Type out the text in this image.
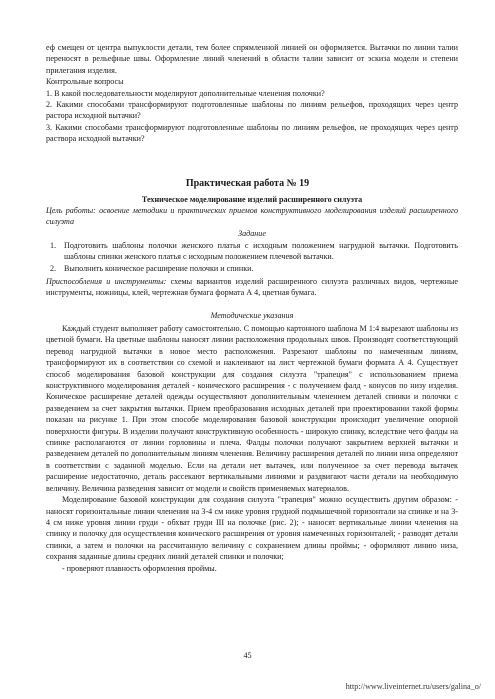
еф смещен от центра выпуклости детали, тем более спрямленной линией он оформляется. Вытачки по линии талии переносят в рельефные швы. Оформление линий членений в области талии зависит от эскиза модели и степени прилегания изделия.

Контрольные вопросы

1. В какой последовательности моделируют дополнительные членения полочки?

2. Какими способами трансформируют подготовленные шаблоны по линиям рельефов, проходящих через центр растора исходной вытачки?

3. Какими способами трансформируют подготовленные шаблоны по линиям рельефов, не проходящих через центр раствора исходной вытачки?

Практическая работа № 19
Техническое моделирование изделий расширенного силуэта
Цель работы: освоение методики и практических приемов конструктивного моделирования изделий расширенного силуэта
Задание
1. Подготовить шаблоны полочки женского платья с исходным положением нагрудной вытачки. Подготовить шаблоны спинки женского платья с исходным положением плечевой вытачки.
2. Выполнить коническое расширение полочки и спинки.
Приспособления и инструменты: схемы вариантов изделий расширенного силуэта различных видов, чертежные инструменты, ножницы, клей, чертежная бумага формата А 4, цветная бумага.
Методические указания

Каждый студент выполняет работу самостоятельно. С помощью картонного шаблона М 1:4 вырезают шаблоны из цветной бумаги. На цветные шаблоны наносят линии расположения продольных швов. Производят соответствующий перевод нагрудной вытачки в новое место расположения. Разрезают шаблоны по намеченным линиям, трансформируют их в соответствии со схемой и наклеивают на лист чертежной бумаги формата А 4. Существует способ моделирования базовой конструкции для создания силуэта "трапеция" с использованием приема конструктивного моделирования деталей - конического расширения - с получением фалд - конусов по низу изделия. Коническое расширение деталей одежды осуществляют дополнительным членением деталей спинки и полочки с разведением за счет закрытия вытачки. Прием преобразования исходных деталей при проектировании такой формы показан на рисунке 1. При этом способе моделирования базовой конструкции происходит увеличение опорной поверхности фигуры. В изделии получают конструктивную особенность - широкую спинку, вследствие чего фалды на спинке располагаются от линии горловины и плеча. Фалды полочки получают закрытием верхней вытачки и разведением деталей по дополнительным линиям членения. Величину расширения деталей по линии низа определяют в соответствии с заданной моделью. Если на детали нет вытачек, или полученное за счет перевода вытачек расширение недостаточно, деталь рассекают вертикальными линиями и раздвигают части детали на необходимую величину. Величина разведения зависит от модели и свойств применяемых материалов.

Моделирование базовой конструкции для создания силуэта "трапеция" можно осуществить другим образом: - наносят горизонтальные линии членения на 3-4 см ниже уровня грудной подмышечной горизонтали на спинке и на 3-4 см ниже уровня линии груди - обхват груди III на полочке (рис. 2); - наносят вертикальные линии членения на спинку и полочку для осуществления конического расширения от уровня намеченных горизонталей; - разводят детали спинки, а затем и полочки на рассчитанную величину с сохранением длины проймы; - оформляют линию низа, сохраняя заданные длины средних линий деталей спинки и полочки;

- проверяют плавность оформления проймы.

45
http://www.liveinternet.ru/users/galina_o/
